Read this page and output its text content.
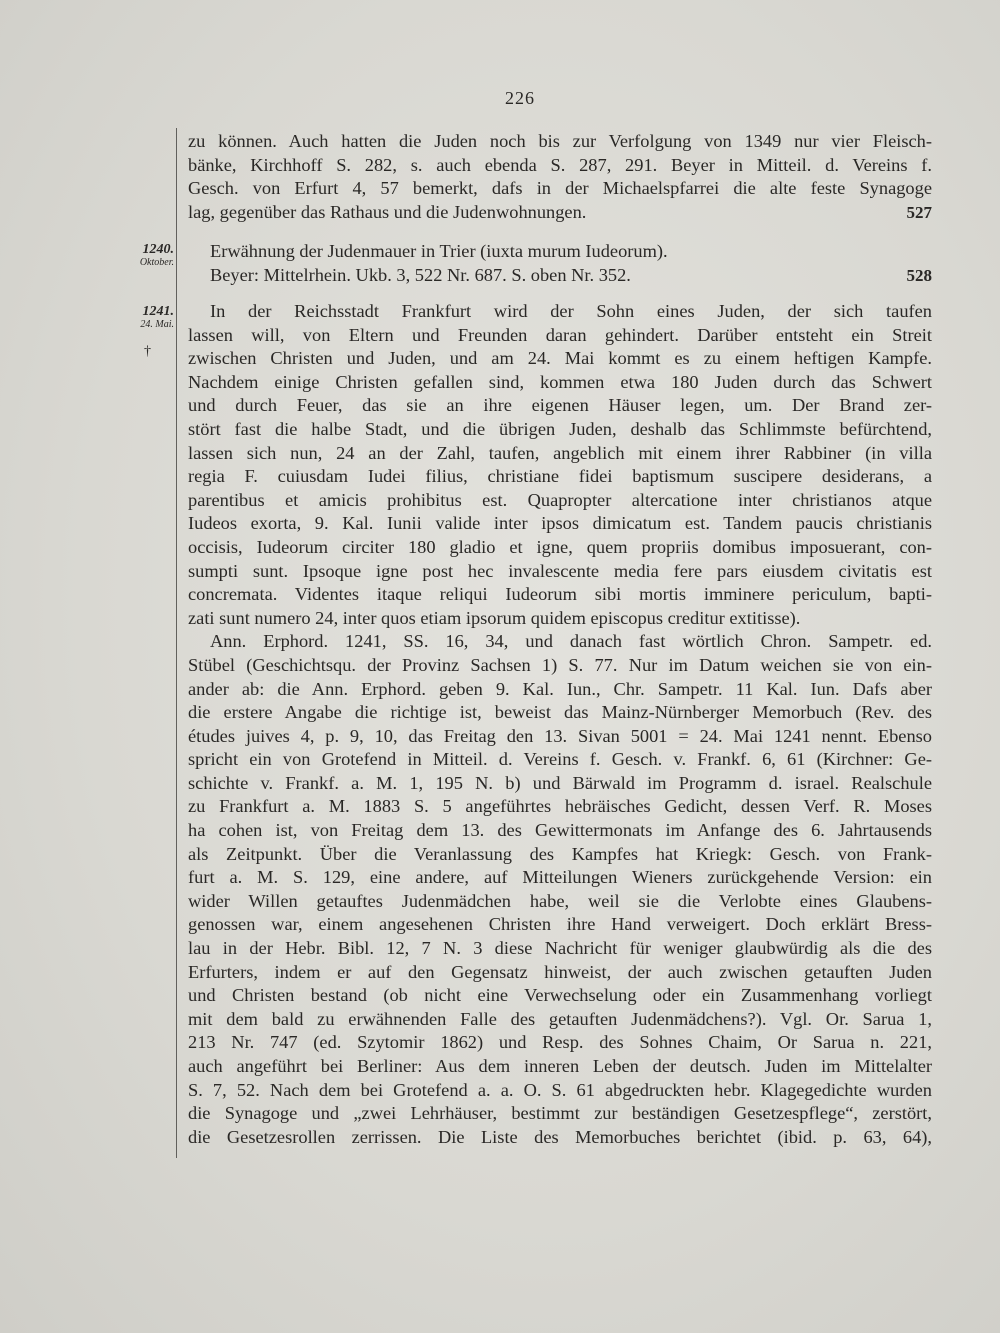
226
1240.
Oktober.
1241.
24. Mai.
†
zu können. Auch hatten die Juden noch bis zur Verfolgung von 1349 nur vier Fleisch-
bänke, Kirchhoff S. 282, s. auch ebenda S. 287, 291. Beyer in Mitteil. d. Vereins f.
Gesch. von Erfurt 4, 57 bemerkt, dafs in der Michaelspfarrei die alte feste Synagoge
lag, gegenüber das Rathaus und die Judenwohnungen.	527
Erwähnung der Judenmauer in Trier (iuxta murum Iudeorum).
Beyer: Mittelrhein. Ukb. 3, 522 Nr. 687. S. oben Nr. 352.	528
In der Reichsstadt Frankfurt wird der Sohn eines Juden, der sich taufen
lassen will, von Eltern und Freunden daran gehindert. Darüber entsteht ein Streit
zwischen Christen und Juden, und am 24. Mai kommt es zu einem heftigen Kampfe.
Nachdem einige Christen gefallen sind, kommen etwa 180 Juden durch das Schwert
und durch Feuer, das sie an ihre eigenen Häuser legen, um. Der Brand zer-
stört fast die halbe Stadt, und die übrigen Juden, deshalb das Schlimmste befürchtend,
lassen sich nun, 24 an der Zahl, taufen, angeblich mit einem ihrer Rabbiner (in villa
regia F. cuiusdam Iudei filius, christiane fidei baptismum suscipere desiderans, a
parentibus et amicis prohibitus est. Quapropter altercatione inter christianos atque
Iudeos exorta, 9. Kal. Iunii valide inter ipsos dimicatum est. Tandem paucis christianis
occisis, Iudeorum circiter 180 gladio et igne, quem propriis domibus imposuerant, con-
sumpti sunt. Ipsoque igne post hec invalescente media fere pars eiusdem civitatis est
concremata. Videntes itaque reliqui Iudeorum sibi mortis imminere periculum, bapti-
zati sunt numero 24, inter quos etiam ipsorum quidem episcopus creditur extitisse).
Ann. Erphord. 1241, SS. 16, 34, und danach fast wörtlich Chron. Sampetr. ed.
Stübel (Geschichtsqu. der Provinz Sachsen 1) S. 77. Nur im Datum weichen sie von ein-
ander ab: die Ann. Erphord. geben 9. Kal. Iun., Chr. Sampetr. 11 Kal. Iun. Dafs aber
die erstere Angabe die richtige ist, beweist das Mainz-Nürnberger Memorbuch (Rev. des
études juives 4, p. 9, 10, das Freitag den 13. Sivan 5001 = 24. Mai 1241 nennt. Ebenso
spricht ein von Grotefend in Mitteil. d. Vereins f. Gesch. v. Frankf. 6, 61 (Kirchner: Ge-
schichte v. Frankf. a. M. 1, 195 N. b) und Bärwald im Programm d. israel. Realschule
zu Frankfurt a. M. 1883 S. 5 angeführtes hebräisches Gedicht, dessen Verf. R. Moses
ha cohen ist, von Freitag dem 13. des Gewittermonats im Anfange des 6. Jahrtausends
als Zeitpunkt. Über die Veranlassung des Kampfes hat Kriegk: Gesch. von Frank-
furt a. M. S. 129, eine andere, auf Mitteilungen Wieners zurückgehende Version: ein
wider Willen getauftes Judenmädchen habe, weil sie die Verlobte eines Glaubens-
genossen war, einem angesehenen Christen ihre Hand verweigert. Doch erklärt Bress-
lau in der Hebr. Bibl. 12, 7 N. 3 diese Nachricht für weniger glaubwürdig als die des
Erfurters, indem er auf den Gegensatz hinweist, der auch zwischen getauften Juden
und Christen bestand (ob nicht eine Verwechselung oder ein Zusammenhang vorliegt
mit dem bald zu erwähnenden Falle des getauften Judenmädchens?). Vgl. Or. Sarua 1,
213 Nr. 747 (ed. Szytomir 1862) und Resp. des Sohnes Chaim, Or Sarua n. 221,
auch angeführt bei Berliner: Aus dem inneren Leben der deutsch. Juden im Mittelalter
S. 7, 52. Nach dem bei Grotefend a. a. O. S. 61 abgedruckten hebr. Klagegedichte wurden
die Synagoge und „zwei Lehrhäuser, bestimmt zur beständigen Gesetzespflege“, zerstört,
die Gesetzesrollen zerrissen. Die Liste des Memorbuches berichtet (ibid. p. 63, 64),
